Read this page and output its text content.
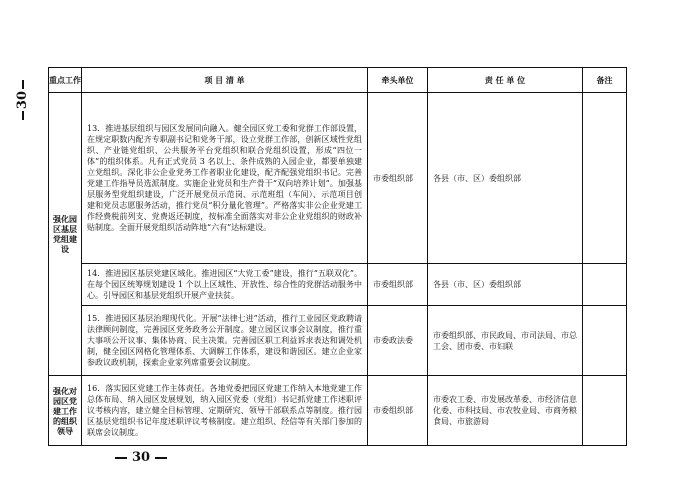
30
重点工作	项 目 清 单	牵头单位	责 任 单 位	备注
强化园区基层党组建设	13．推进基层组织与园区发展同向融入。健全园区党工委和党群工作部设置，在规定职数内配齐专职副书记和党务干部，设立党群工作部，创新区域性党组织、产业链党组织、公共服务平台党组织和联合党组织设置，形成“四位一体”的组织体系。凡有正式党员 3 名以上、条件成熟的入园企业，都要单独建立党组织。深化非公企业党务工作者职业化建设，配齐配强党组织书记。完善党建工作指导员选派制度。实施企业党员和生产骨干“双向培养计划”。加强基层服务型党组织建设，广泛开展党员示范岗、示范班组（车间）、示范项目创建和党员志愿服务活动，推行党员“积分量化管理”。严格落实非公企业党建工作经费税前列支、党费返还制度，按标准全面落实对非公企业党组织的财政补贴制度。全面开展党组织活动阵地“六有”达标建设。	市委组织部	各县（市、区）委组织部	
	14．推进园区基层党建区域化。推进园区“大党工委”建设，推行“五联双化”。在每个园区统筹规划建设 1 个以上区域性、开放性、综合性的党群活动服务中心。引导园区和基层党组织开展产业扶贫。	市委组织部	各县（市、区）委组织部	
	15．推进园区基层治理现代化。开展“法律七进”活动，推行工业园区党政聘请法律顾问制度，完善园区党务政务公开制度。建立园区议事会议制度，推行重大事项公开议事、集体协商、民主决策。完善园区职工利益诉求表达和调处机制，健全园区网格化管理体系、大调解工作体系，建设和谐园区。建立企业家参政议政机制，探索企业家列席重要会议制度。	市委政法委	市委组织部、市民政局、市司法局、市总工会、团市委、市妇联	
强化对园区党建工作的组织领导	16．落实园区党建工作主体责任。各地党委把园区党建工作纳入本地党建工作总体布局、纳入园区发展规划，纳入园区党委（党组）书记抓党建工作述职评议考核内容，建立健全目标管理、定期研究、领导干部联系点等制度。推行园区基层党组织书记年度述职评议考核制度。建立组织、经信等有关部门参加的联席会议制度。	市委组织部	市委农工委、市发展改革委、市经济信息化委、市科技局、市农牧业局、市商务粮食局、市旅游局	
30
